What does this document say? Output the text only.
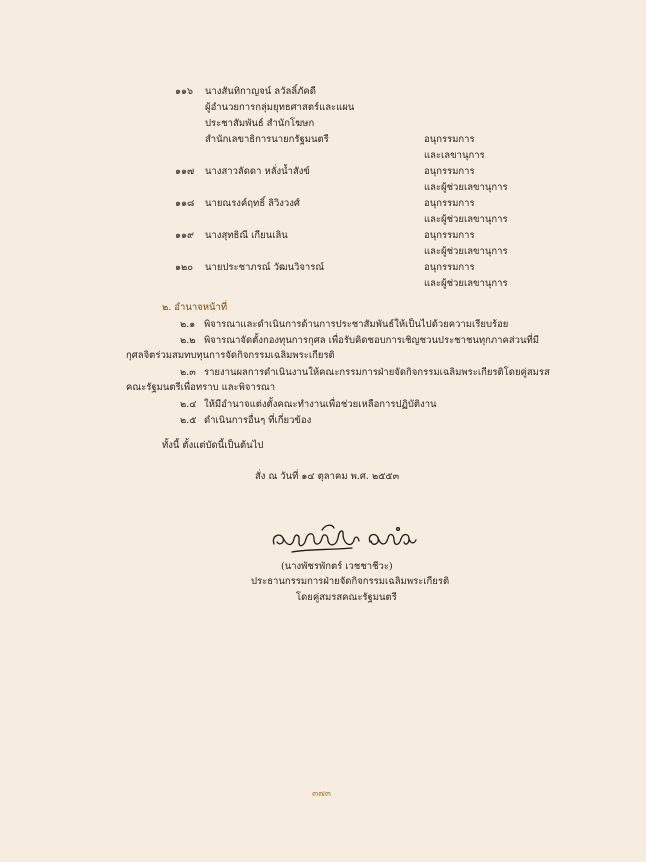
๑๑๖	นางสันทิกาญจน์ ลวัลลิ์ภัคดี
ผู้อำนวยการกลุ่มยุทธศาสตร์และแผน
ประชาสัมพันธ์ สำนักโฆษก
สำนักเลขาธิการนายกรัฐมนตรี	อนุกรรมการ
และเลขานุการ
๑๑๗	นางสาวลัดดา หลั่งน้ำสังข์	อนุกรรมการ
และผู้ช่วยเลขานุการ
๑๑๘	นายณรงค์ฤทธิ์ ลิวิงวงศ์	อนุกรรมการ
และผู้ช่วยเลขานุการ
๑๑๙	นางสุทธิณี เกียนเลิน	อนุกรรมการ
และผู้ช่วยเลขานุการ
๑๒๐	นายประชาภรณ์ วัฒนวิจารณ์	อนุกรรมการ
และผู้ช่วยเลขานุการ
๒. อำนาจหน้าที่
๒.๑ พิจารณาและดำเนินการด้านการประชาสัมพันธ์ให้เป็นไปด้วยความเรียบร้อย
๒.๒ พิจารณาจัดตั้งกองทุนการกุศล เพื่อรับคิดชอบการเชิญชวนประชาชนทุกภาคส่วนที่มี
กุศลจิตร่วมสมทบทุนการจัดกิจกรรมเฉลิมพระเกียรติ
๒.๓ รายงานผลการดำเนินงานให้คณะกรรมการฝ่ายจัดกิจกรรมเฉลิมพระเกียรติโดยคู่สมรส
คณะรัฐมนตรีเพื่อทราบ และพิจารณา
๒.๔ ให้มีอำนาจแต่งตั้งคณะทำงานเพื่อช่วยเหลือการปฏิบัติงาน
๒.๕ ดำเนินการอื่นๆ ที่เกี่ยวข้อง
ทั้งนี้ ตั้งแต่บัดนี้เป็นต้นไป
สั่ง ณ วันที่ ๑๔ ตุลาคม พ.ศ. ๒๕๕๓
(นางพัชรพักตร์ เวชชาชีวะ)
ประธานกรรมการฝ่ายจัดกิจกรรมเฉลิมพระเกียรติ
โดยคู่สมรสคณะรัฐมนตรี
๓๗๓
